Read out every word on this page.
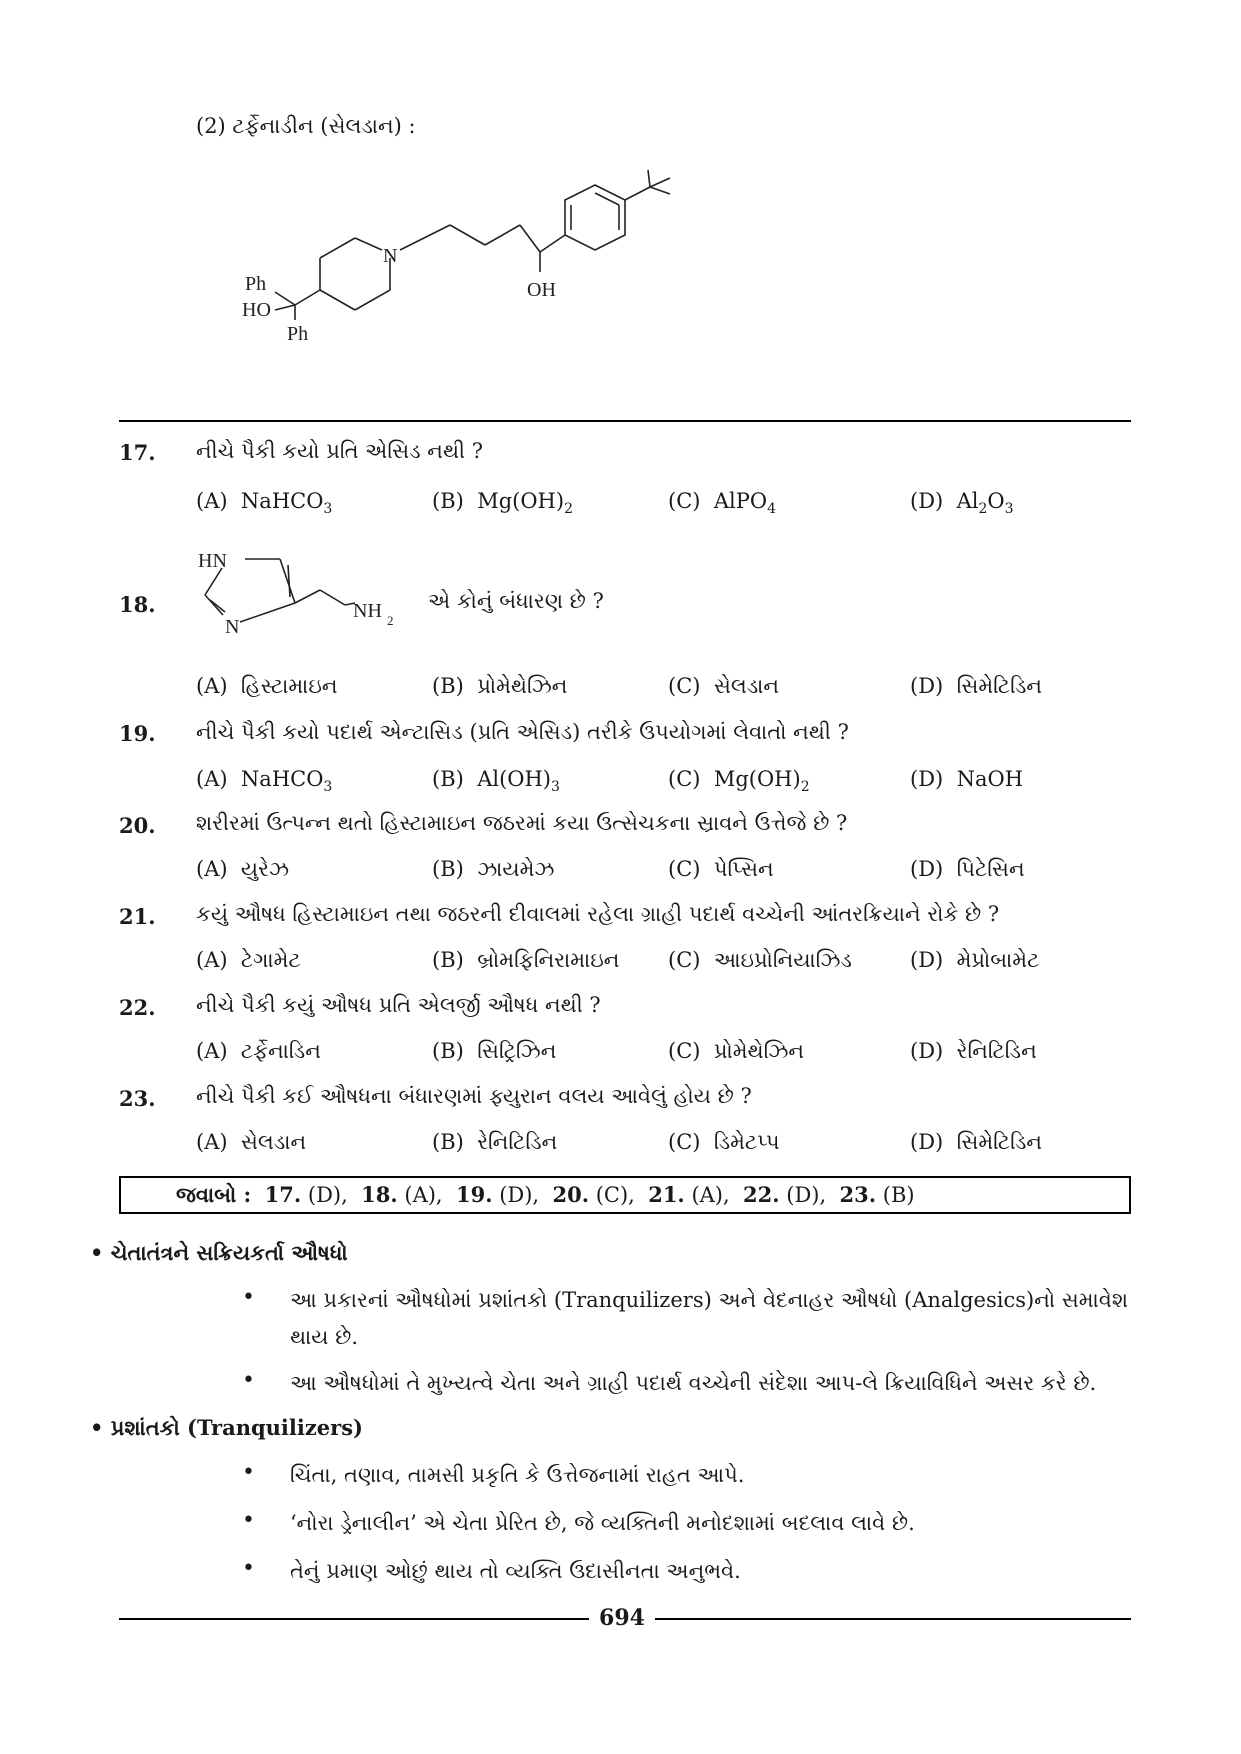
(2) ટર્ફેનાડીન (સેલડાન) :
N
OH
Ph
HO
Ph
17. નીચે પૈકી કયો પ્રતિ એસિડ નથી ?
(A) NaHCO$_3$	(B) $Mg(OH)_2$	(C) AlPO$_4$	(D) $Al_2O_3$
18.
HN
N
NH 2
એ કોનું બંધારણ છે ?
(A) હિસ્ટામાઇન	(B) પ્રોમેથેઝિન	(C) સેલડાન	(D) સિમેટિડિન
19. નીચે પૈકી કયો પદાર્થ એન્ટાસિડ (પ્રતિ એસિડ) તરીકે ઉપયોગમાં લેવાતો નથી ?
(A) NaHCO$_3$	(B) $Al(OH)_3$	(C) $Mg(OH)_2$	(D) NaOH
20. શરીરમાં ઉત્પન્ન થતો હિસ્ટામાઇન જઠરમાં કયા ઉત્સેચકના સ્રાવને ઉત્તેજે છે ?
(A) યુરેઝ	(B) ઝાયમેઝ	(C) પેપ્સિન	(D) પિટેસિન
21. કયું ઔષધ હિસ્ટામાઇન તથા જઠરની દીવાલમાં રહેલા ગ્રાહી પદાર્થ વચ્ચેની આંતરક્રિયાને રોકે છે ?
(A) ટેગામેટ	(B) બ્રોમફિનિરામાઇન (C) આઇપ્રોનિયાઝિડ	(D) મેપ્રોબામેટ
22. નીચે પૈકી કયું ઔષધ પ્રતિ એલર્જી ઔષધ નથી ?
(A) ટર્ફેનાડિન	(B) સિટ્રિઝિન	(C) પ્રોમેથેઝિન	(D) રેનિટિડિન
23. નીચે પૈકી કઈ ઔષધના બંધારણમાં ફ્યુરાન વલય આવેલું હોય છે ?
(A) સેલડાન	(B) રેનિટિડિન	(C) ડિમેટપ્પ	(D) સિમેટિડિન
જવાબો : 17. (D), 18. (A), 19. (D), 20. (C), 21. (A), 22. (D), 23. (B)
• ચેતાતંત્રને સક્રિયકર્તા ઔષધો
• આ પ્રકારનાં ઔષધોમાં પ્રશાંતકો (Tranquilizers) અને વેદનાહર ઔષધો (Analgesics)નો સમાવેશ
થાય છે.
• આ ઔષધોમાં તે મુખ્યત્વે ચેતા અને ગ્રાહી પદાર્થ વચ્ચેની સંદેશા આપ-લે ક્રિયાવિધિને અસર કરે છે.
• પ્રશાંતકો (Tranquilizers)
• ચિંતા, તણાવ, તામસી પ્રકૃતિ કે ઉત્તેજનામાં રાહત આપે.
• ‘નોરા ડ્રેનાલીન’ એ ચેતા પ્રેરિત છે, જે વ્યક્તિની મનોદશામાં બદલાવ લાવે છે.
• તેનું પ્રમાણ ઓછું થાય તો વ્યક્તિ ઉદાસીનતા અનુભવે.
694
